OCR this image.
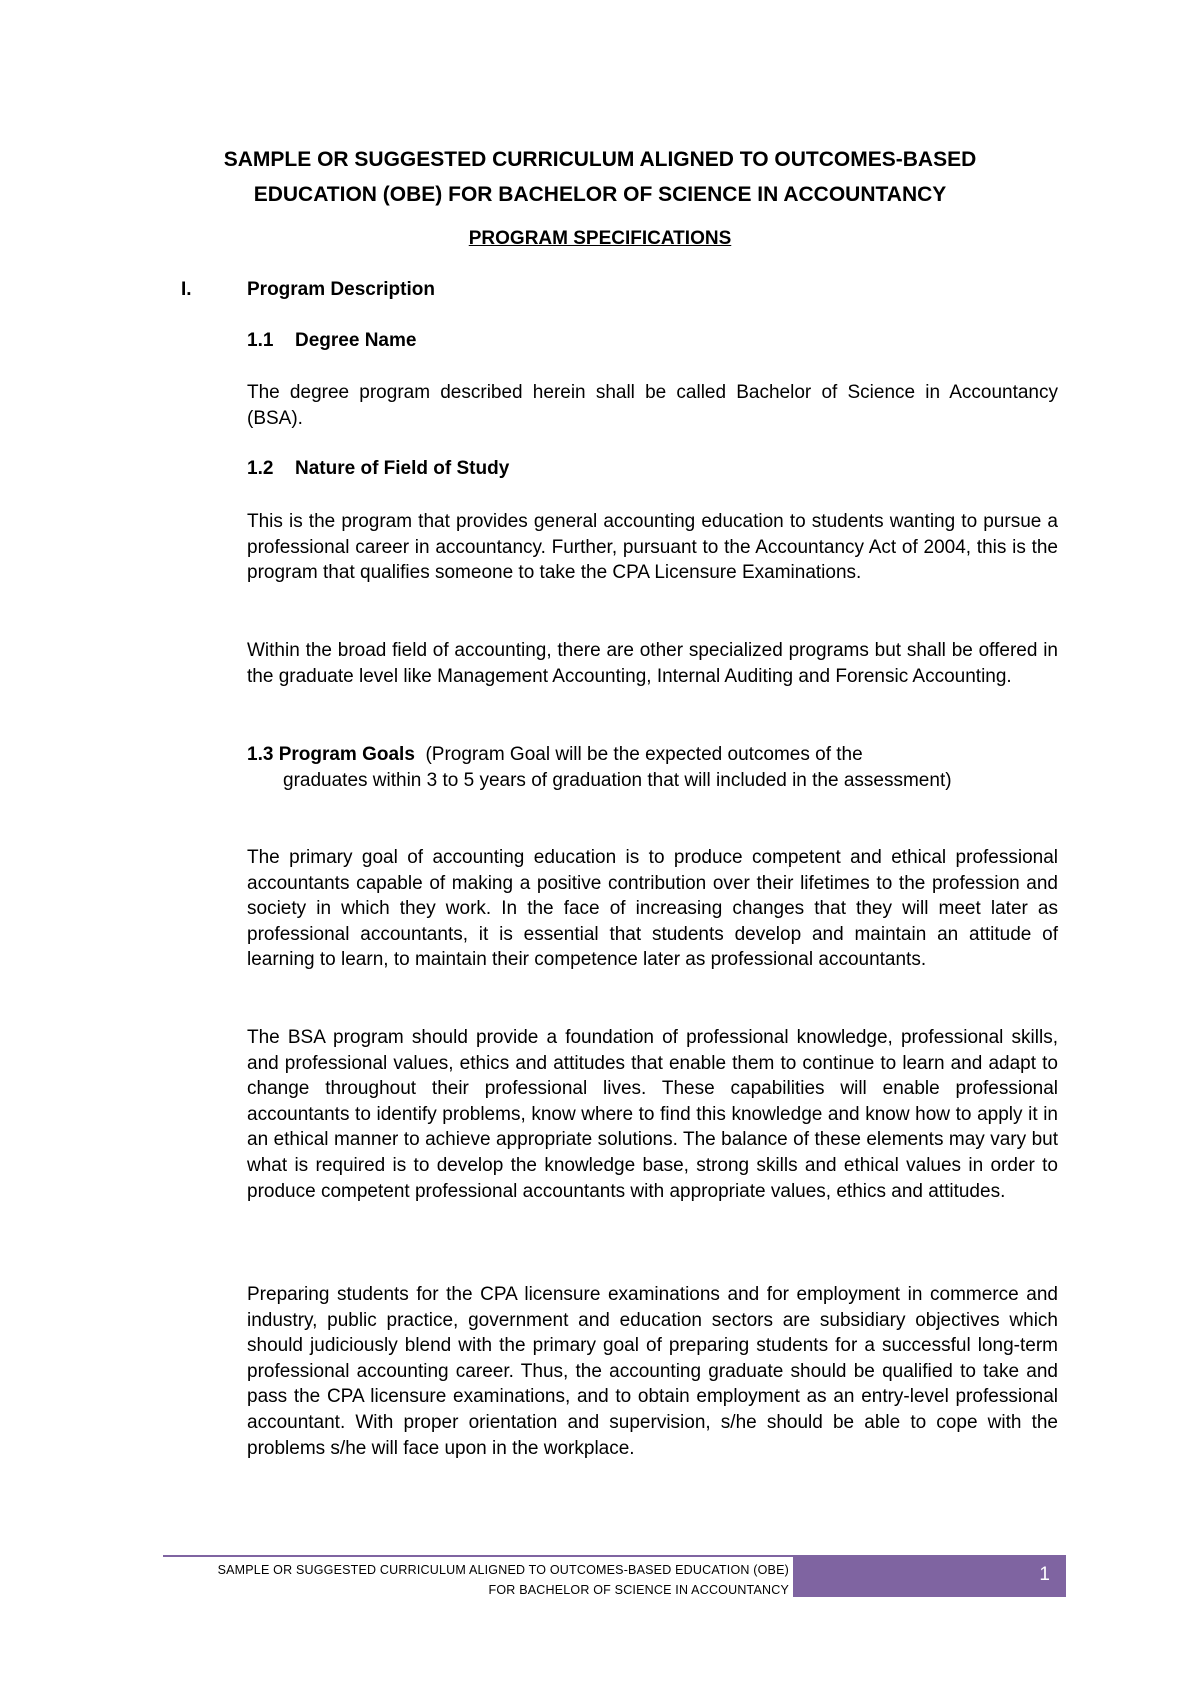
SAMPLE OR SUGGESTED CURRICULUM ALIGNED TO OUTCOMES-BASED
EDUCATION (OBE) FOR BACHELOR OF SCIENCE IN ACCOUNTANCY
PROGRAM SPECIFICATIONS
I.	Program Description
1.1 Degree Name

The degree program described herein shall be called Bachelor of Science in Accountancy (BSA).

1.2 Nature of Field of Study

This is the program that provides general accounting education to students wanting to pursue a professional career in accountancy. Further, pursuant to the Accountancy Act of 2004, this is the program that qualifies someone to take the CPA Licensure Examinations.

Within the broad field of accounting, there are other specialized programs but shall be offered in the graduate level like Management Accounting, Internal Auditing and Forensic Accounting.

1.3 Program Goals (Program Goal will be the expected outcomes of the
graduates within 3 to 5 years of graduation that will included in the assessment)

The primary goal of accounting education is to produce competent and ethical professional accountants capable of making a positive contribution over their lifetimes to the profession and society in which they work. In the face of increasing changes that they will meet later as professional accountants, it is essential that students develop and maintain an attitude of learning to learn, to maintain their competence later as professional accountants.

The BSA program should provide a foundation of professional knowledge, professional skills, and professional values, ethics and attitudes that enable them to continue to learn and adapt to change throughout their professional lives. These capabilities will enable professional accountants to identify problems, know where to find this knowledge and know how to apply it in an ethical manner to achieve appropriate solutions. The balance of these elements may vary but what is required is to develop the knowledge base, strong skills and ethical values in order to produce competent professional accountants with appropriate values, ethics and attitudes.

Preparing students for the CPA licensure examinations and for employment in commerce and industry, public practice, government and education sectors are subsidiary objectives which should judiciously blend with the primary goal of preparing students for a successful long-term professional accounting career. Thus, the accounting graduate should be qualified to take and pass the CPA licensure examinations, and to obtain employment as an entry-level professional accountant. With proper orientation and supervision, s/he should be able to cope with the problems s/he will face upon in the workplace.

SAMPLE OR SUGGESTED CURRICULUM ALIGNED TO OUTCOMES-BASED EDUCATION (OBE)
FOR BACHELOR OF SCIENCE IN ACCOUNTANCY

1
